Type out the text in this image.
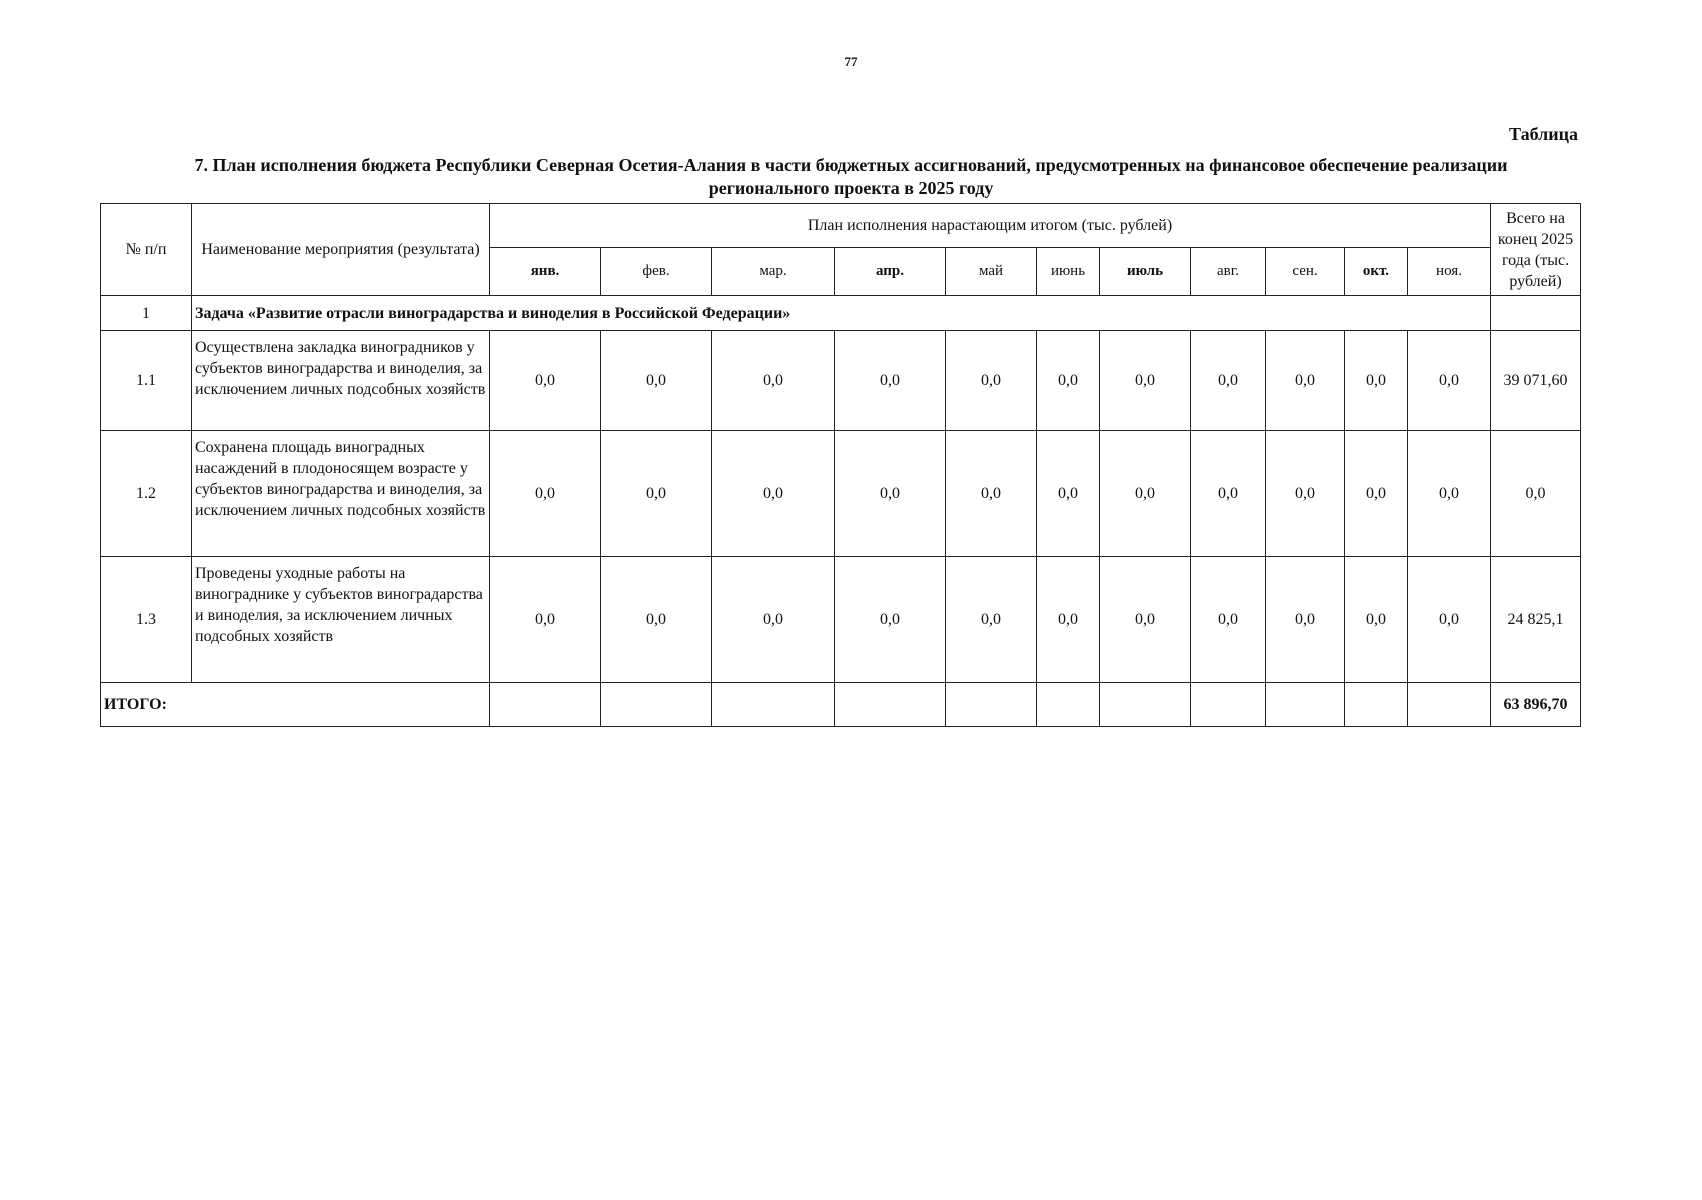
77
Таблица
7. План исполнения бюджета Республики Северная Осетия-Алания в части бюджетных ассигнований, предусмотренных на финансовое обеспечение реализации
регионального проекта в 2025 году
№ п/п	Наименование мероприятия (результата)	План исполнения нарастающим итогом (тыс. рублей)											Всего на конец 2025 года (тыс. рублей)
		янв.	фев.	мар.	апр.	май	июнь	июль	авг.	сен.	окт.	ноя.	
1	Задача «Развитие отрасли виноградарства и виноделия в Российской Федерации»												
1.1	Осуществлена закладка виноградников у субъектов виноградарства и виноделия, за исключением личных подсобных хозяйств	0,0	0,0	0,0	0,0	0,0	0,0	0,0	0,0	0,0	0,0	0,0	39 071,60
1.2	Сохранена площадь виноградных насаждений в плодоносящем возрасте у субъектов виноградарства и виноделия, за исключением личных подсобных хозяйств	0,0	0,0	0,0	0,0	0,0	0,0	0,0	0,0	0,0	0,0	0,0	0,0
1.3	Проведены уходные работы на винограднике у субъектов виноградарства и виноделия, за исключением личных подсобных хозяйств	0,0	0,0	0,0	0,0	0,0	0,0	0,0	0,0	0,0	0,0	0,0	24 825,1
ИТОГО:													63 896,70
